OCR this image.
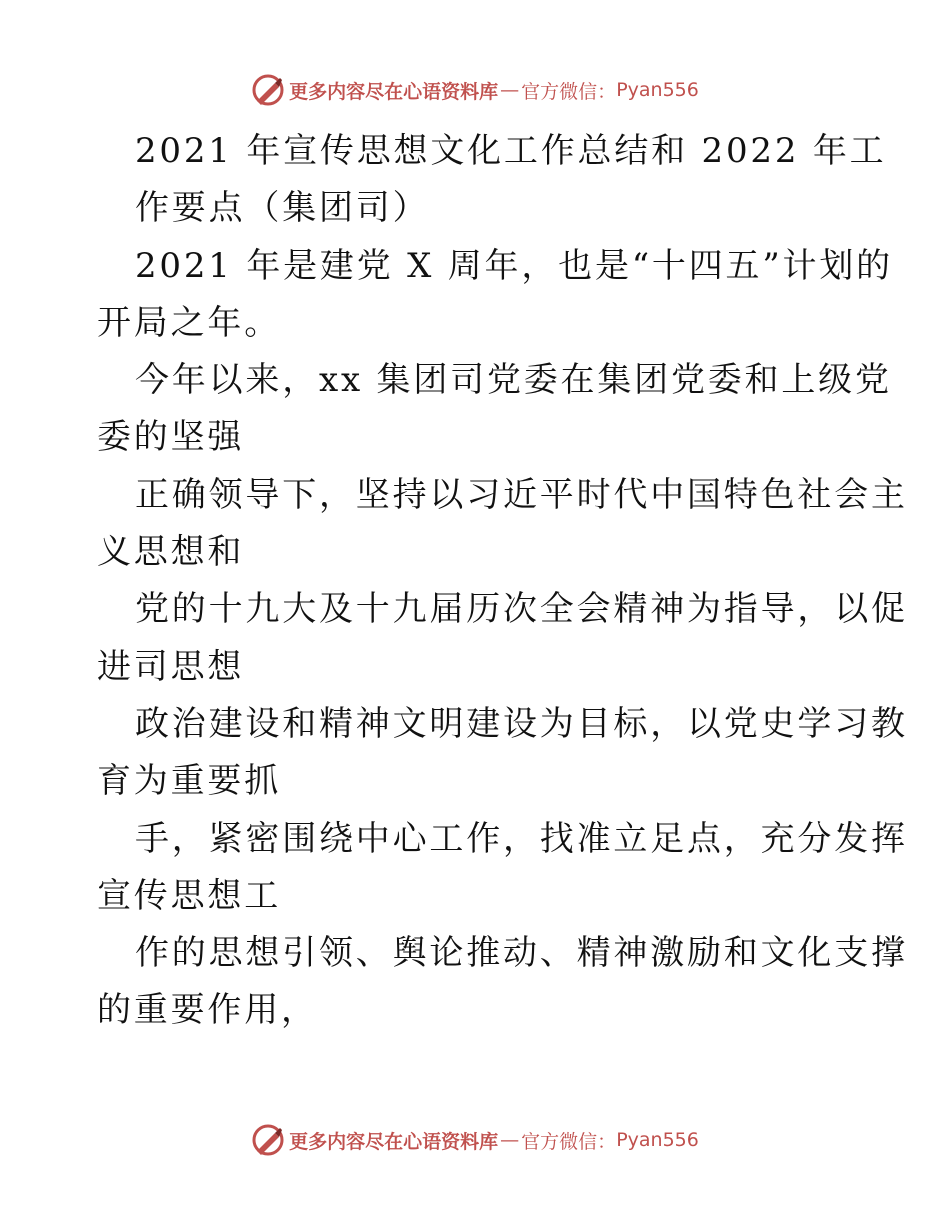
更多内容尽在心语资料库 — 官方微信： Pyan556
2021 年宣传思想文化工作总结和 2022 年工
作要点（集团司）
2021 年是建党 X 周年，也是“十四五”计划的
开局之年。
今年以来，xx 集团司党委在集团党委和上级党
委的坚强
正确领导下，坚持以习近平时代中国特色社会主
义思想和
党的十九大及十九届历次全会精神为指导，以促
进司思想
政治建设和精神文明建设为目标，以党史学习教
育为重要抓
手，紧密围绕中心工作，找准立足点，充分发挥
宣传思想工
作的思想引领、舆论推动、精神激励和文化支撑
的重要作用，
更多内容尽在心语资料库 — 官方微信： Pyan556
